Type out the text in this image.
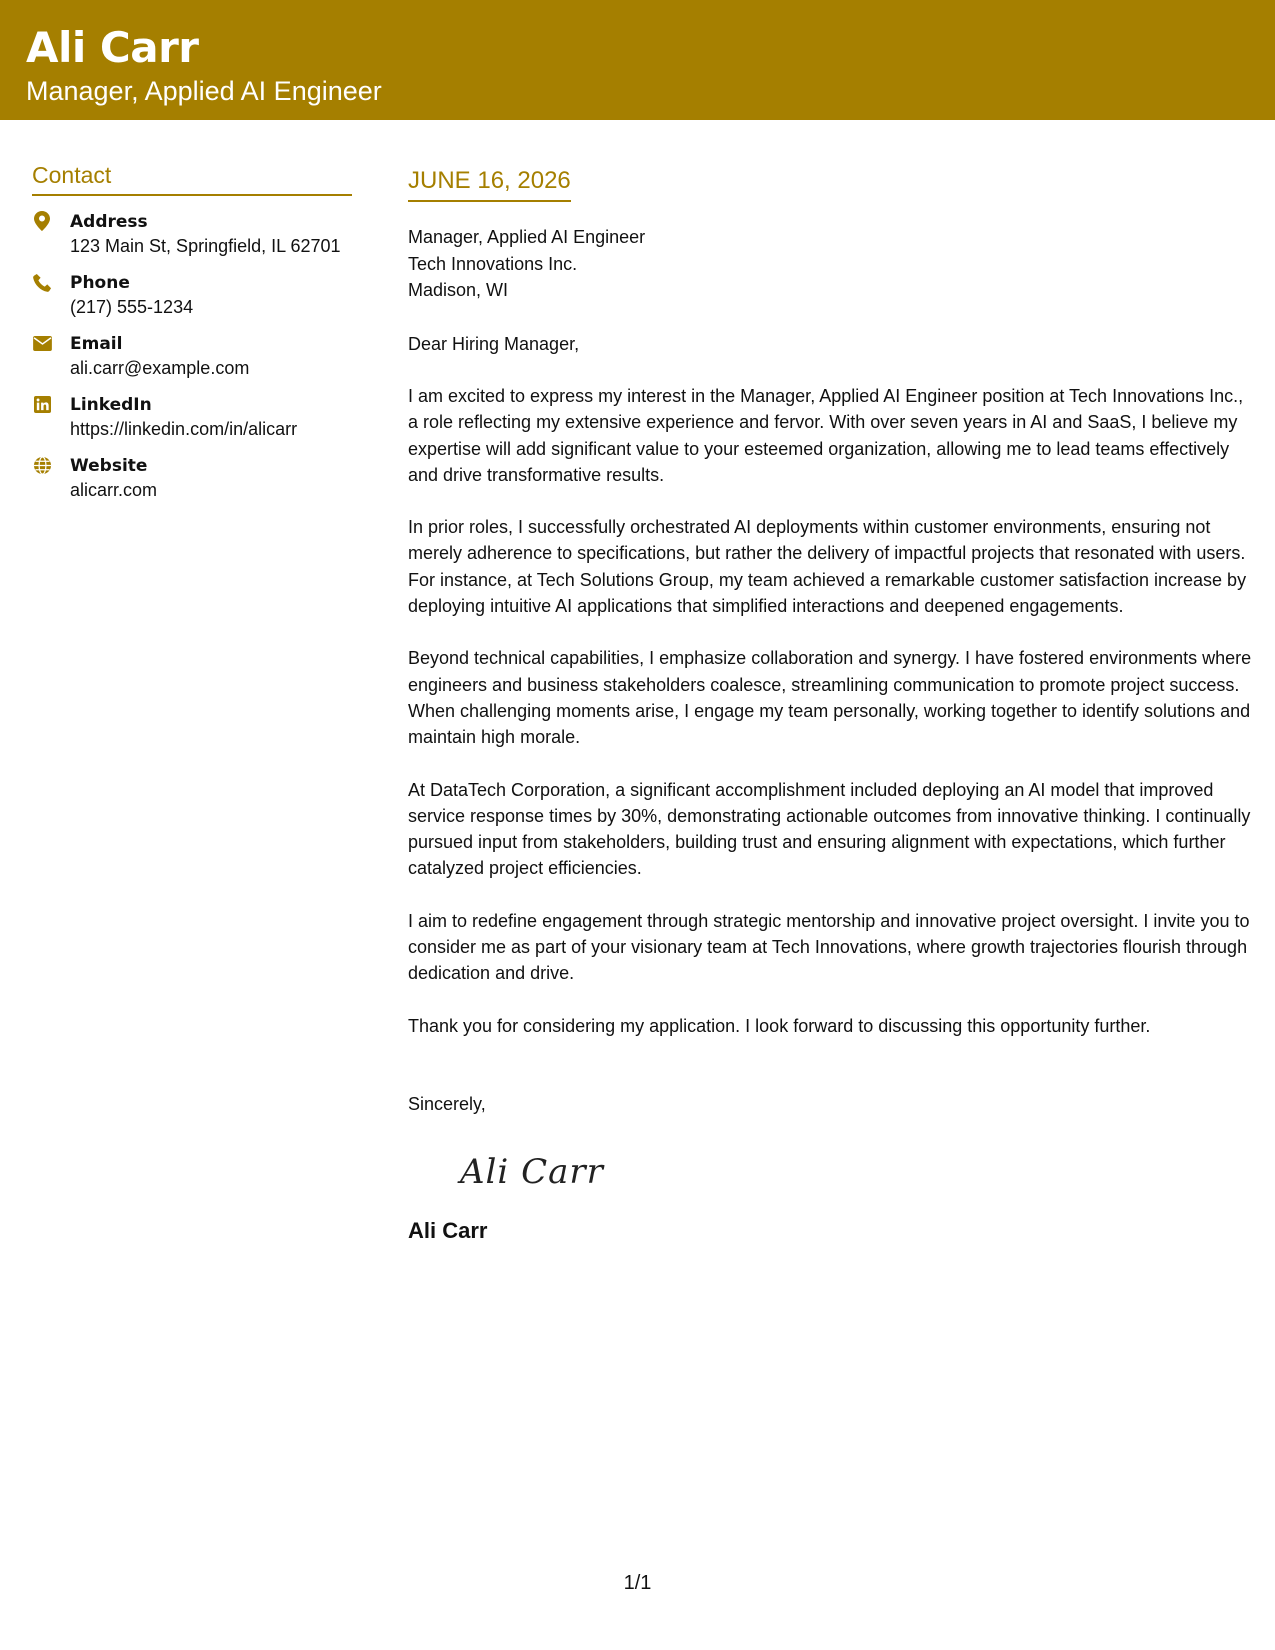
Ali Carr
Manager, Applied AI Engineer
Contact
Address
123 Main St, Springfield, IL 62701
Phone
(217) 555-1234
Email
ali.carr@example.com
LinkedIn
https://linkedin.com/in/alicarr
Website
alicarr.com
JUNE 16, 2026
Manager, Applied AI Engineer
Tech Innovations Inc.
Madison, WI
Dear Hiring Manager,
I am excited to express my interest in the Manager, Applied AI Engineer position at Tech Innovations Inc., a role reflecting my extensive experience and fervor. With over seven years in AI and SaaS, I believe my expertise will add significant value to your esteemed organization, allowing me to lead teams effectively and drive transformative results.
In prior roles, I successfully orchestrated AI deployments within customer environments, ensuring not merely adherence to specifications, but rather the delivery of impactful projects that resonated with users. For instance, at Tech Solutions Group, my team achieved a remarkable customer satisfaction increase by deploying intuitive AI applications that simplified interactions and deepened engagements.
Beyond technical capabilities, I emphasize collaboration and synergy. I have fostered environments where engineers and business stakeholders coalesce, streamlining communication to promote project success. When challenging moments arise, I engage my team personally, working together to identify solutions and maintain high morale.
At DataTech Corporation, a significant accomplishment included deploying an AI model that improved service response times by 30%, demonstrating actionable outcomes from innovative thinking. I continually pursued input from stakeholders, building trust and ensuring alignment with expectations, which further catalyzed project efficiencies.
I aim to redefine engagement through strategic mentorship and innovative project oversight. I invite you to consider me as part of your visionary team at Tech Innovations, where growth trajectories flourish through dedication and drive.
Thank you for considering my application. I look forward to discussing this opportunity further.
Sincerely,
Ali Carr
Ali Carr
1/1
